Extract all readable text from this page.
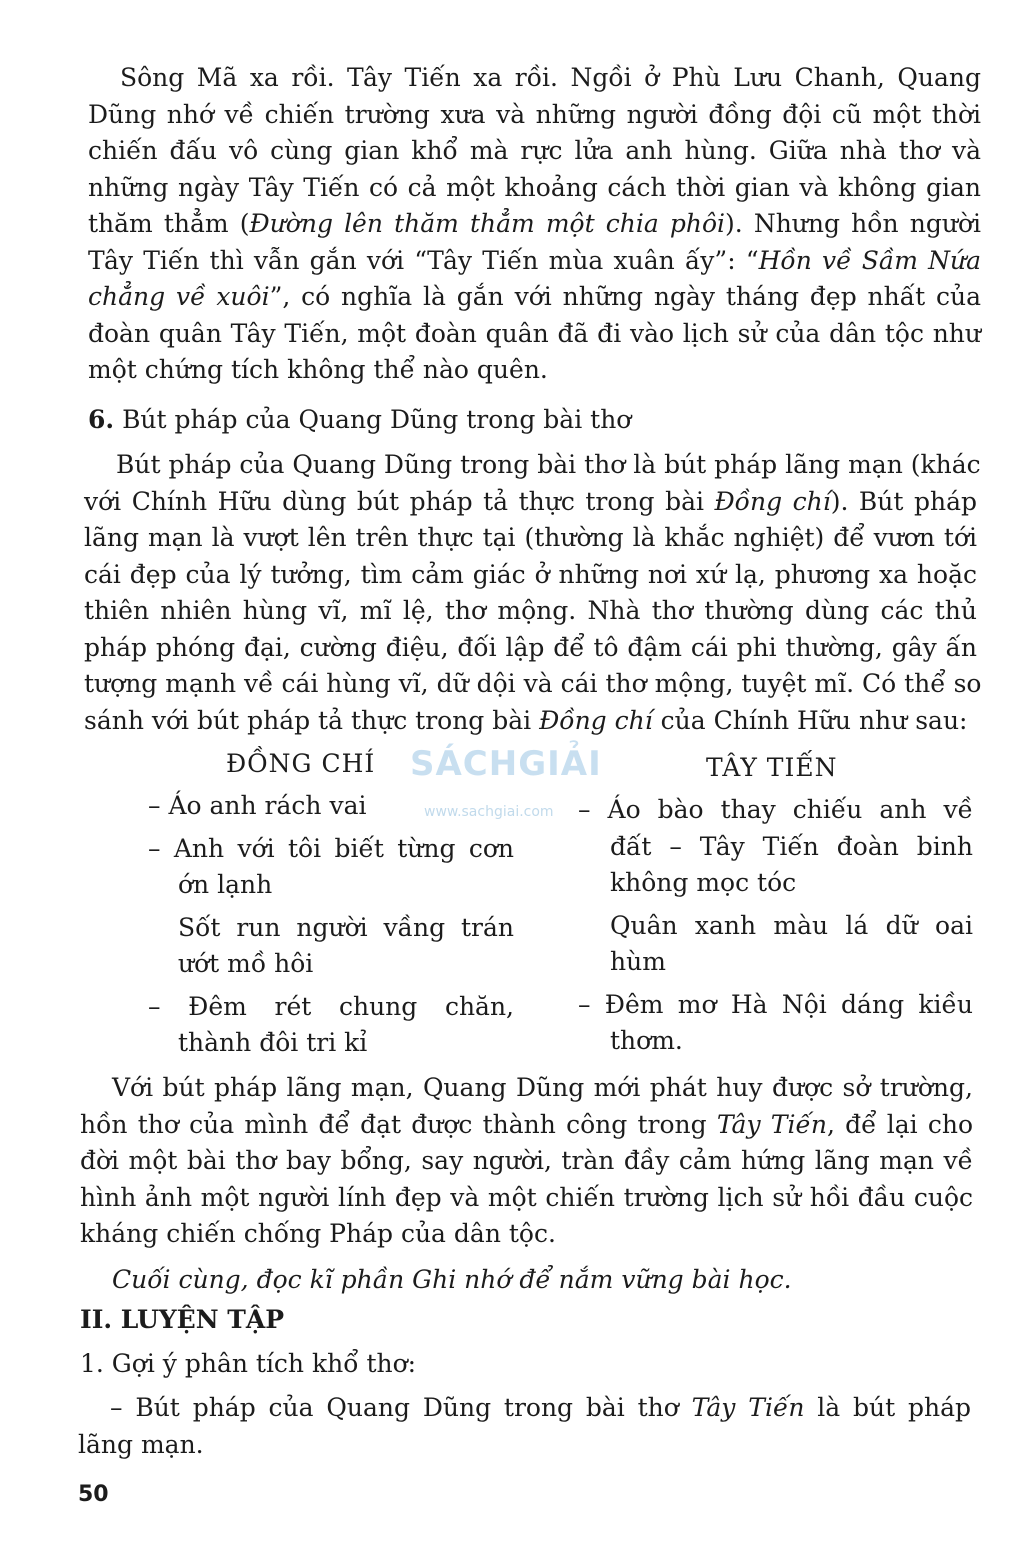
Sông Mã xa rồi. Tây Tiến xa rồi. Ngồi ở Phù Lưu Chanh, Quang
Dũng nhớ về chiến trường xưa và những người đồng đội cũ một thời
chiến đấu vô cùng gian khổ mà rực lửa anh hùng. Giữa nhà thơ và
những ngày Tây Tiến có cả một khoảng cách thời gian và không gian
thăm thẳm (Đường lên thăm thẳm một chia phôi). Nhưng hồn người
Tây Tiến thì vẫn gắn với “Tây Tiến mùa xuân ấy”: “Hồn về Sầm Nứa
chẳng về xuôi”, có nghĩa là gắn với những ngày tháng đẹp nhất của
đoàn quân Tây Tiến, một đoàn quân đã đi vào lịch sử của dân tộc như
một chứng tích không thể nào quên.
6. Bút pháp của Quang Dũng trong bài thơ
Bút pháp của Quang Dũng trong bài thơ là bút pháp lãng mạn (khác
với Chính Hữu dùng bút pháp tả thực trong bài Đồng chí). Bút pháp
lãng mạn là vượt lên trên thực tại (thường là khắc nghiệt) để vươn tới
cái đẹp của lý tưởng, tìm cảm giác ở những nơi xứ lạ, phương xa hoặc
thiên nhiên hùng vĩ, mĩ lệ, thơ mộng. Nhà thơ thường dùng các thủ
pháp phóng đại, cường điệu, đối lập để tô đậm cái phi thường, gây ấn
tượng mạnh về cái hùng vĩ, dữ dội và cái thơ mộng, tuyệt mĩ. Có thể so
sánh với bút pháp tả thực trong bài Đồng chí của Chính Hữu như sau:
ĐỒNG CHÍ	TÂY TIẾN
– Áo anh rách vai
– Anh với tôi biết từng cơn
ớn lạnh
Sốt run người vầng trán
ướt mồ hôi
– Đêm rét chung chăn,
thành đôi tri kỉ
– Áo bào thay chiếu anh về
đất – Tây Tiến đoàn binh
không mọc tóc
Quân xanh màu lá dữ oai
hùm
– Đêm mơ Hà Nội dáng kiều
thơm.
SÁCHGIẢI
www.sachgiai.com
Với bút pháp lãng mạn, Quang Dũng mới phát huy được sở trường,
hồn thơ của mình để đạt được thành công trong Tây Tiến, để lại cho
đời một bài thơ bay bổng, say người, tràn đầy cảm hứng lãng mạn về
hình ảnh một người lính đẹp và một chiến trường lịch sử hồi đầu cuộc
kháng chiến chống Pháp của dân tộc.
Cuối cùng, đọc kĩ phần Ghi nhớ để nắm vững bài học.
II. LUYỆN TẬP
1. Gợi ý phân tích khổ thơ:
– Bút pháp của Quang Dũng trong bài thơ Tây Tiến là bút pháp
lãng mạn.
50
